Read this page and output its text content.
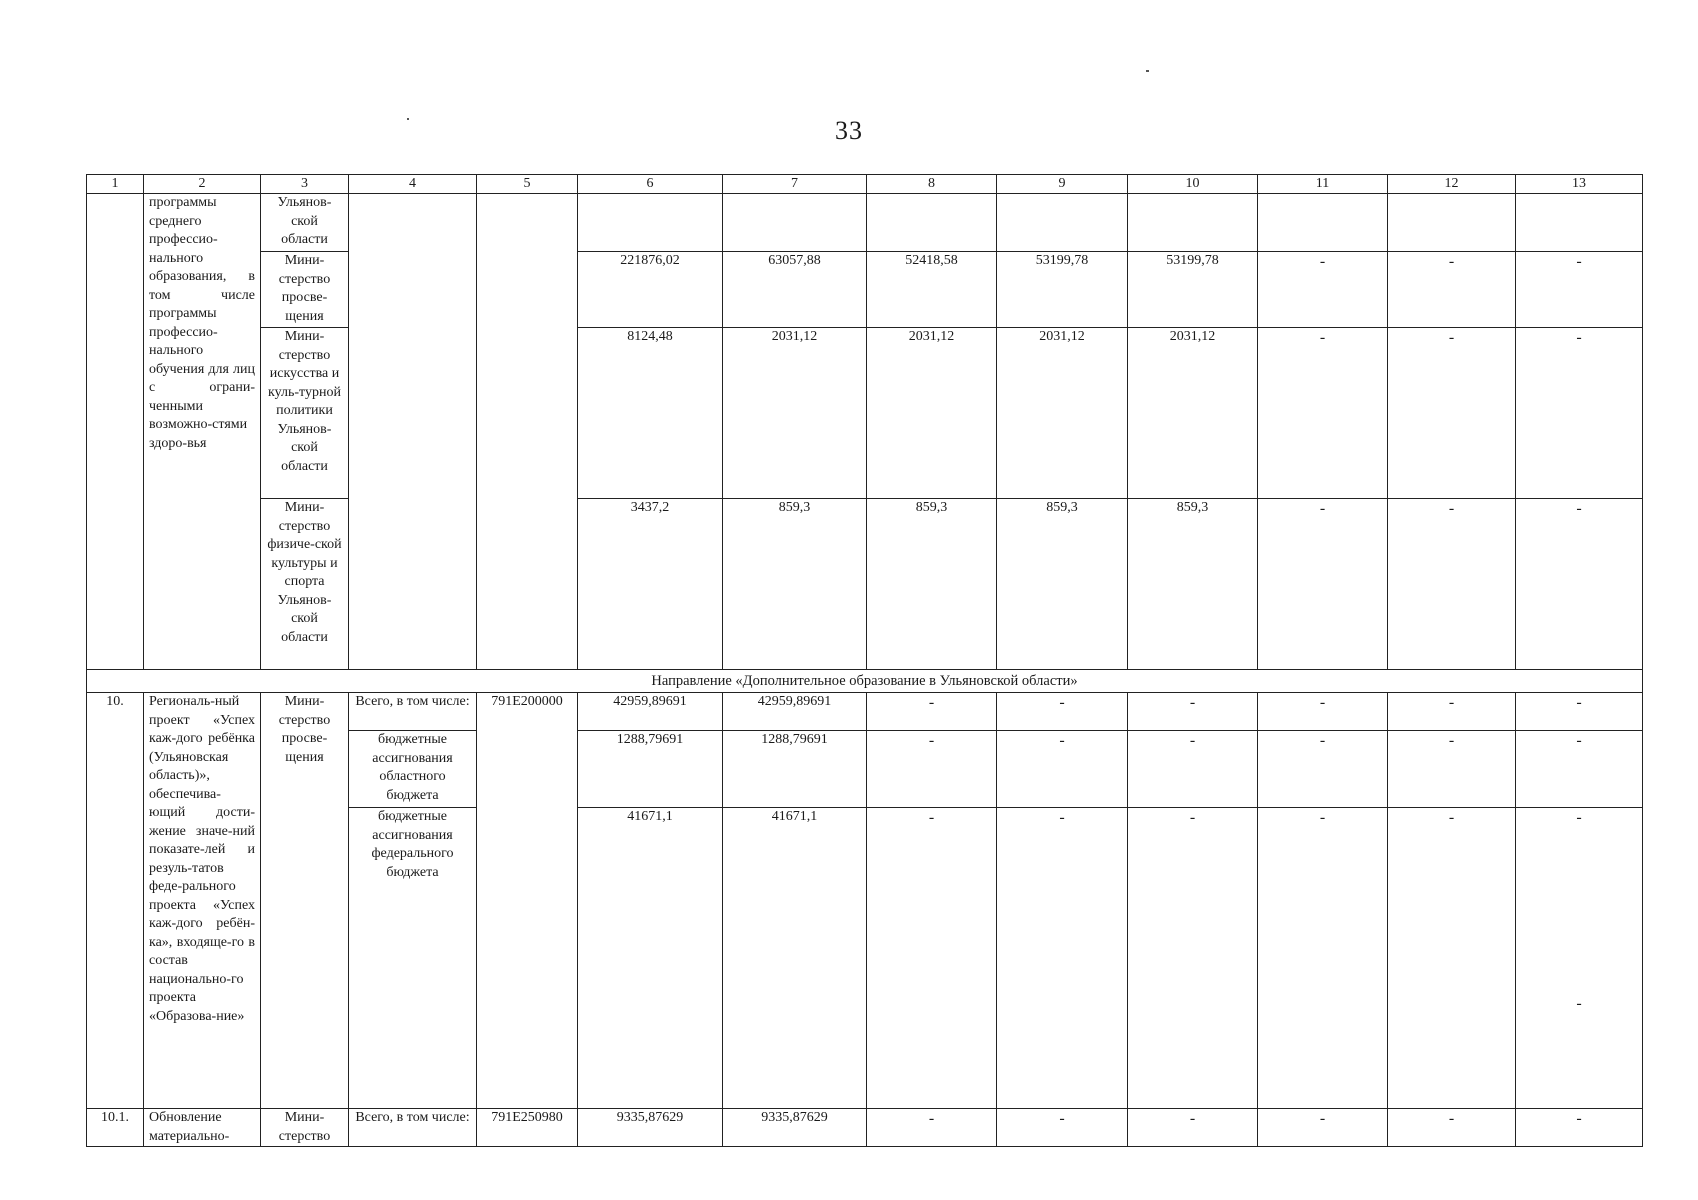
33
1	2	3	4	5	6	7	8	9	10	11	12	13
	программы среднего профессио-нального образования, в том числе программы профессио-нального обучения для лиц с ограни-ченными возможно-стями здоро-вья	Ульянов-ской области										
		Мини-стерство просве-щения			221876,02	63057,88	52418,58	53199,78	53199,78	-	-	-
		Мини-стерство искусства и куль-турной политики Ульянов-ской области			8124,48	2031,12	2031,12	2031,12	2031,12	-	-	-
		Мини-стерство физиче-ской культуры и спорта Ульянов-ской области			3437,2	859,3	859,3	859,3	859,3	-	-	-
Направление «Дополнительное образование в Ульяновской области»												
10.	Региональ-ный проект «Успех каж-дого ребёнка (Ульяновская область)», обеспечива-ющий дости-жение значе-ний показате-лей и резуль-татов феде-рального проекта «Успех каж-дого ребён-ка», входяще-го в состав национально-го проекта «Образова-ние»	Мини-стерство просве-щения	Всего, в том числе:	791Е200000	42959,89691	42959,89691	-	-	-	-	-	-
			бюджетные ассигнования областного бюджета		1288,79691	1288,79691	-	-	-	-	-	-
			бюджетные ассигнования федерального бюджета		41671,1	41671,1	-	-	-	-	-	-
-

10.1.	Обновление материально-	Мини-стерство	Всего, в том числе:	791Е250980	9335,87629	9335,87629	-	-	-	-	-	-
